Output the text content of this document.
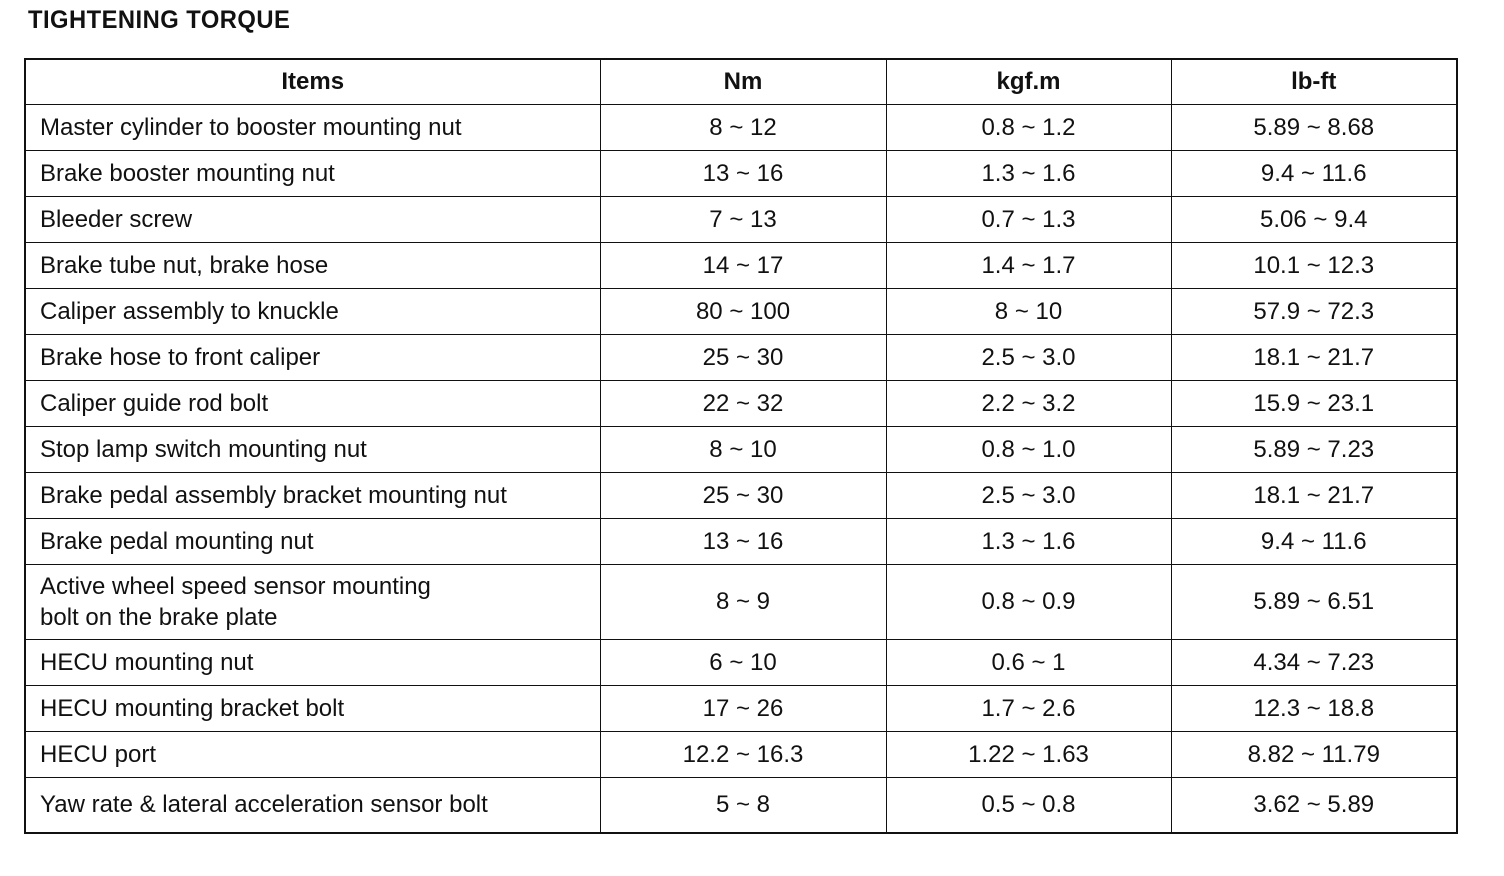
TIGHTENING TORQUE
Items	Nm	kgf.m	lb-ft
Master cylinder to booster mounting nut	8 ~ 12	0.8 ~ 1.2	5.89 ~ 8.68
Brake booster mounting nut	13 ~ 16	1.3 ~ 1.6	9.4 ~ 11.6
Bleeder screw	7 ~ 13	0.7 ~ 1.3	5.06 ~ 9.4
Brake tube nut, brake hose	14 ~ 17	1.4 ~ 1.7	10.1 ~ 12.3
Caliper assembly to knuckle	80 ~ 100	8 ~ 10	57.9 ~ 72.3
Brake hose to front caliper	25 ~ 30	2.5 ~ 3.0	18.1 ~ 21.7
Caliper guide rod bolt	22 ~ 32	2.2 ~ 3.2	15.9 ~ 23.1
Stop lamp switch mounting nut	8 ~ 10	0.8 ~ 1.0	5.89 ~ 7.23
Brake pedal assembly bracket mounting nut	25 ~ 30	2.5 ~ 3.0	18.1 ~ 21.7
Brake pedal mounting nut	13 ~ 16	1.3 ~ 1.6	9.4 ~ 11.6
Active wheel speed sensor mounting
bolt on the brake plate	8 ~ 9	0.8 ~ 0.9	5.89 ~ 6.51
HECU mounting nut	6 ~ 10	0.6 ~ 1	4.34 ~ 7.23
HECU mounting bracket bolt	17 ~ 26	1.7 ~ 2.6	12.3 ~ 18.8
HECU port	12.2 ~ 16.3	1.22 ~ 1.63	8.82 ~ 11.79
Yaw rate & lateral acceleration sensor bolt	5 ~ 8	0.5 ~ 0.8	3.62 ~ 5.89
